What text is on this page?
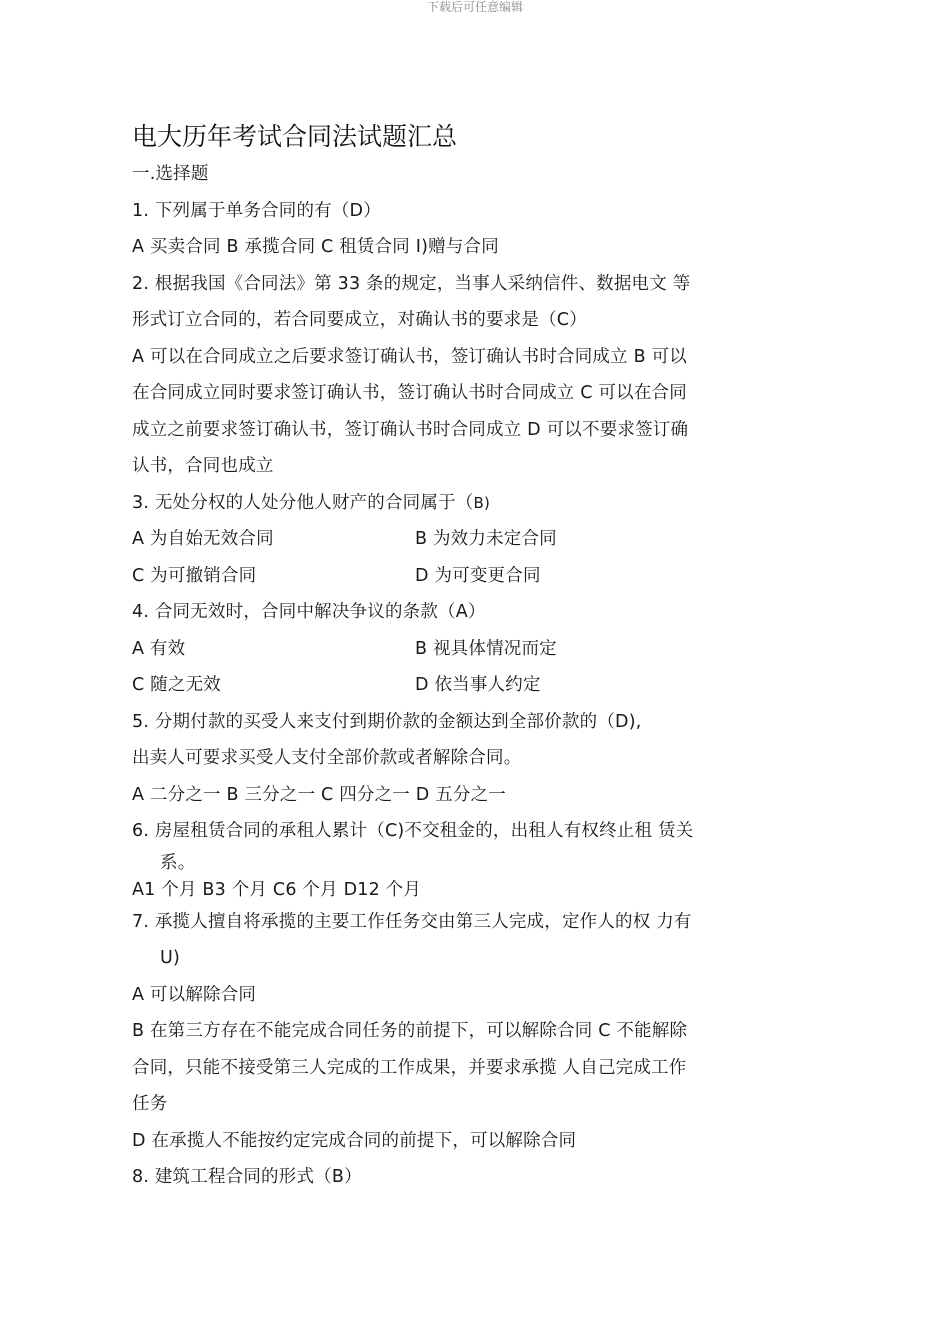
下载后可任意编辑
电大历年考试合同法试题汇总
一.选择题
1. 下列属于单务合同的有（D）
A 买卖合同 B 承揽合同 C 租赁合同 I)赠与合同
2. 根据我国《合同法》第 33 条的规定，当事人采纳信件、数据电文 等
形式订立合同的，若合同要成立，对确认书的要求是（C）
A 可以在合同成立之后要求签订确认书，签订确认书时合同成立 B 可以
在合同成立同时要求签订确认书，签订确认书时合同成立 C 可以在合同
成立之前要求签订确认书，签订确认书时合同成立 D 可以不要求签订确
认书，合同也成立
3. 无处分权的人处分他人财产的合同属于（B)
A 为自始无效合同	B 为效力未定合同
C 为可撤销合同	D 为可变更合同
4. 合同无效时，合同中解决争议的条款（A）
A 有效	B 视具体情况而定
C 随之无效	D 依当事人约定
5. 分期付款的买受人来支付到期价款的金额达到全部价款的（D),
出卖人可要求买受人支付全部价款或者解除合同。
A 二分之一 B 三分之一 C 四分之一 D 五分之一
6. 房屋租赁合同的承租人累计（C)不交租金的，出租人有权终止租 赁关
系。
A1 个月 B3 个月 C6 个月 D12 个月
7. 承揽人擅自将承揽的主要工作任务交由第三人完成，定作人的权 力有
U)
A 可以解除合同
B 在第三方存在不能完成合同任务的前提下，可以解除合同 C 不能解除
合同，只能不接受第三人完成的工作成果，并要求承揽 人自己完成工作
任务
D 在承揽人不能按约定完成合同的前提下，可以解除合同
8. 建筑工程合同的形式（B）
